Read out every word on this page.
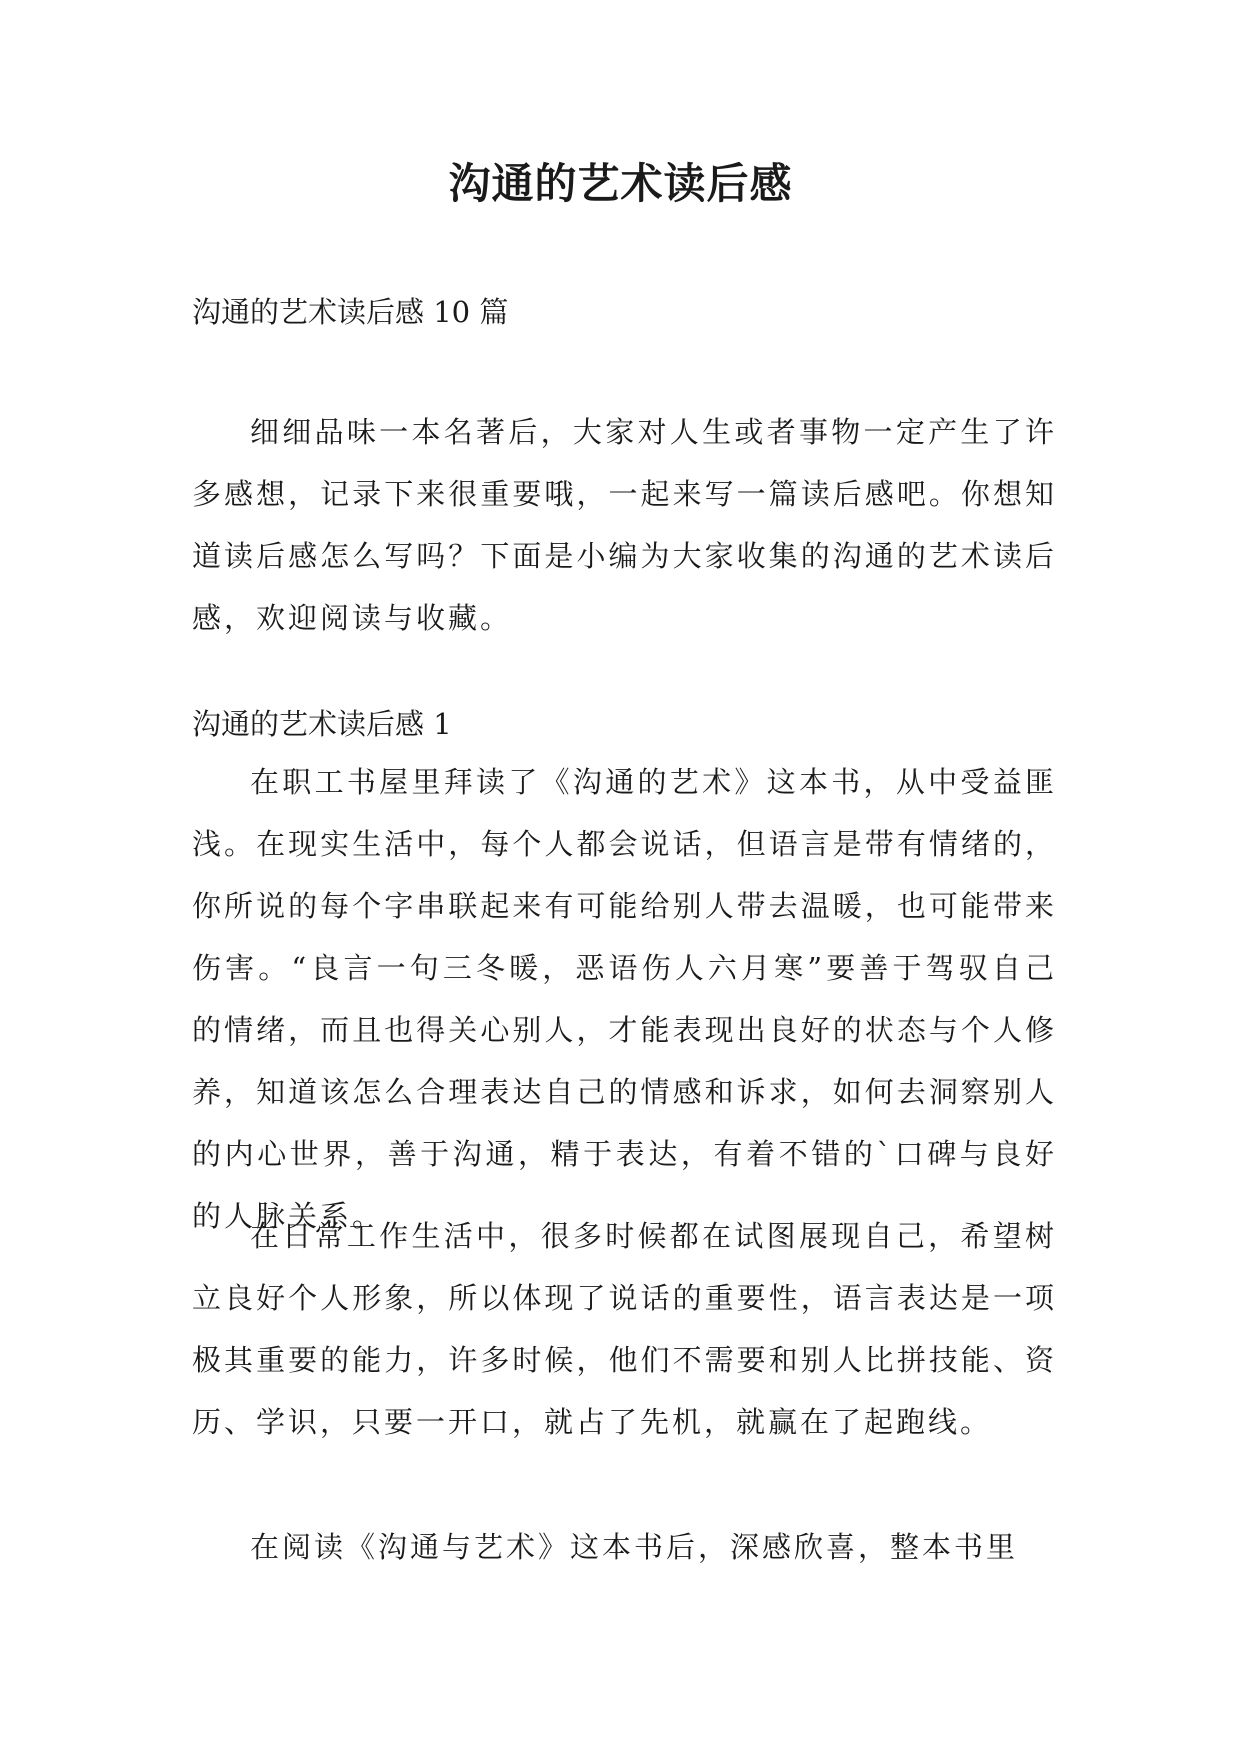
沟通的艺术读后感

沟通的艺术读后感 10 篇

细细品味一本名著后，大家对人生或者事物一定产生了许多感想，记录下来很重要哦，一起来写一篇读后感吧。你想知道读后感怎么写吗？下面是小编为大家收集的沟通的艺术读后感，欢迎阅读与收藏。

沟通的艺术读后感 1

在职工书屋里拜读了《沟通的艺术》这本书，从中受益匪浅。在现实生活中，每个人都会说话，但语言是带有情绪的，你所说的每个字串联起来有可能给别人带去温暖，也可能带来伤害。“良言一句三冬暖，恶语伤人六月寒”要善于驾驭自己的情绪，而且也得关心别人，才能表现出良好的状态与个人修养，知道该怎么合理表达自己的情感和诉求，如何去洞察别人的内心世界，善于沟通，精于表达，有着不错的`口碑与良好的人脉关系。

在日常工作生活中，很多时候都在试图展现自己，希望树立良好个人形象，所以体现了说话的重要性，语言表达是一项极其重要的能力，许多时候，他们不需要和别人比拼技能、资历、学识，只要一开口，就占了先机，就赢在了起跑线。

在阅读《沟通与艺术》这本书后，深感欣喜，整本书里
